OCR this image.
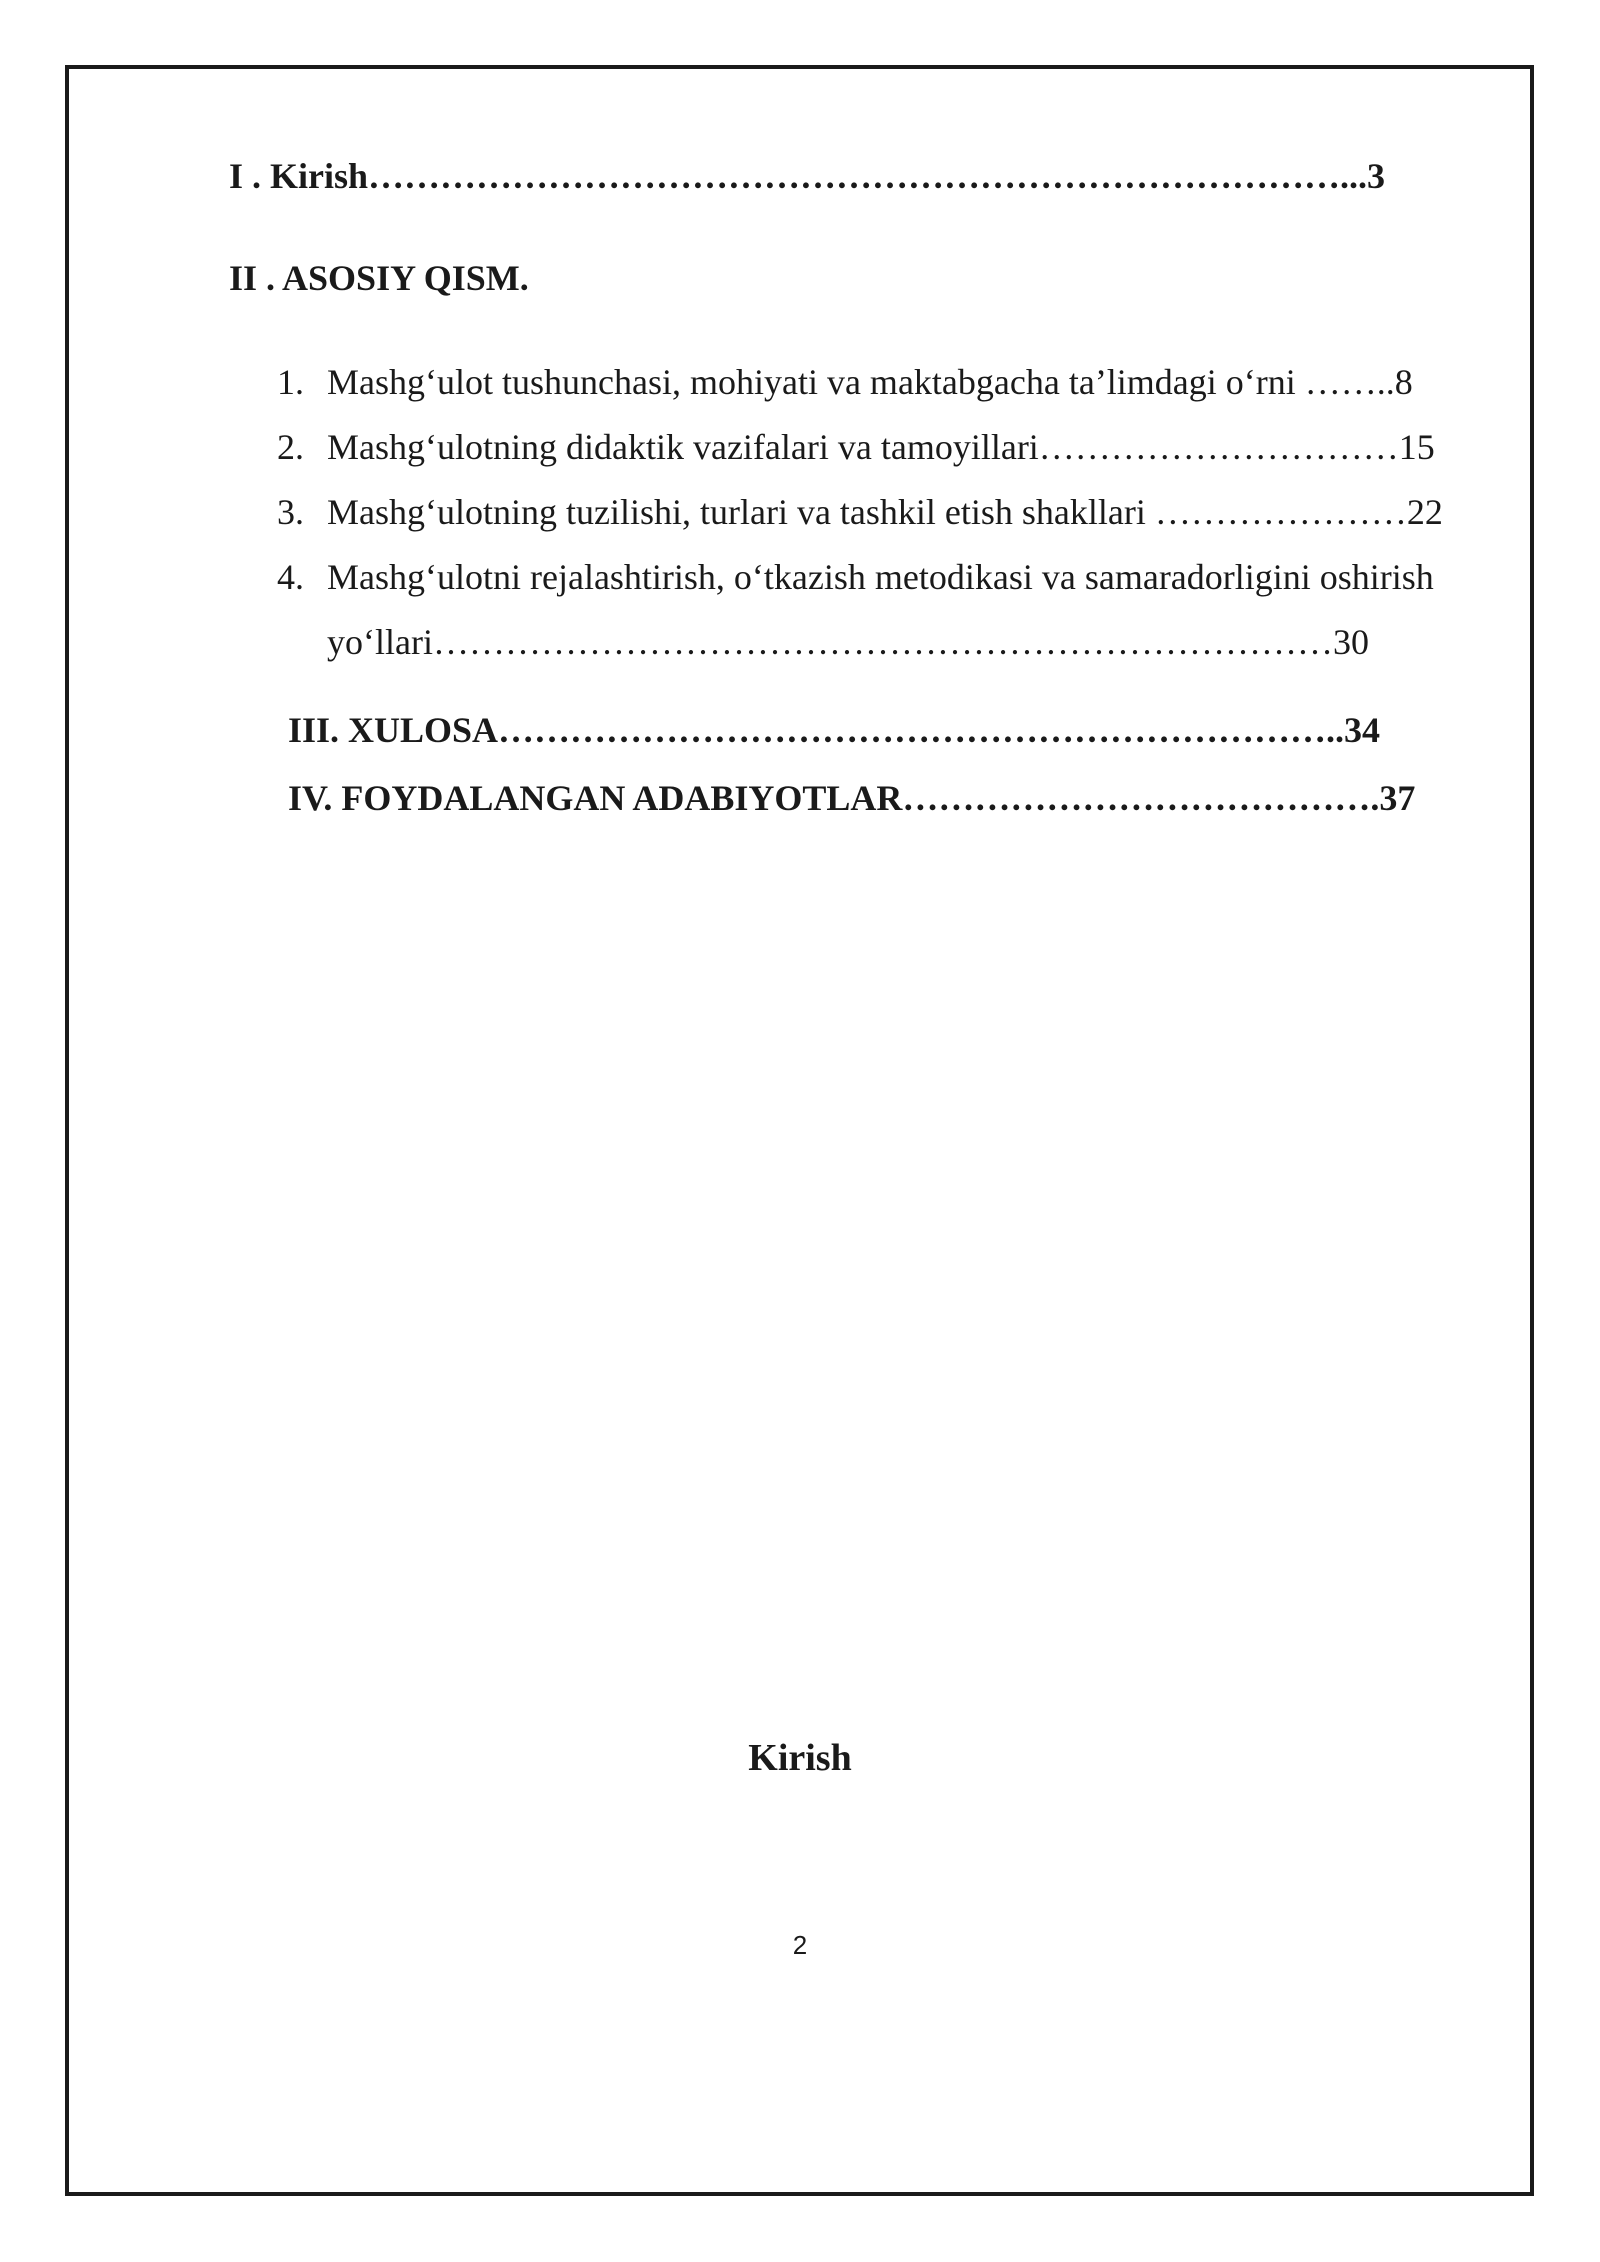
I . Kirish………………………………………………………………………...3
II . ASOSIY QISM.
1. Mashg‘ulot tushunchasi, mohiyati va maktabgacha ta’limdagi o‘rni ……..8
2. Mashg‘ulotning didaktik vazifalari va tamoyillari…………………………15
3. Mashg‘ulotning tuzilishi, turlari va tashkil etish shakllari …………………22
4. Mashg‘ulotni rejalashtirish, o‘tkazish metodikasi va samaradorligini oshirish
yo‘llari…………………………………………………………………30
III. XULOSA……………………………………………………………..34
IV. FOYDALANGAN ADABIYOTLAR………………………………….37
Kirish
2
